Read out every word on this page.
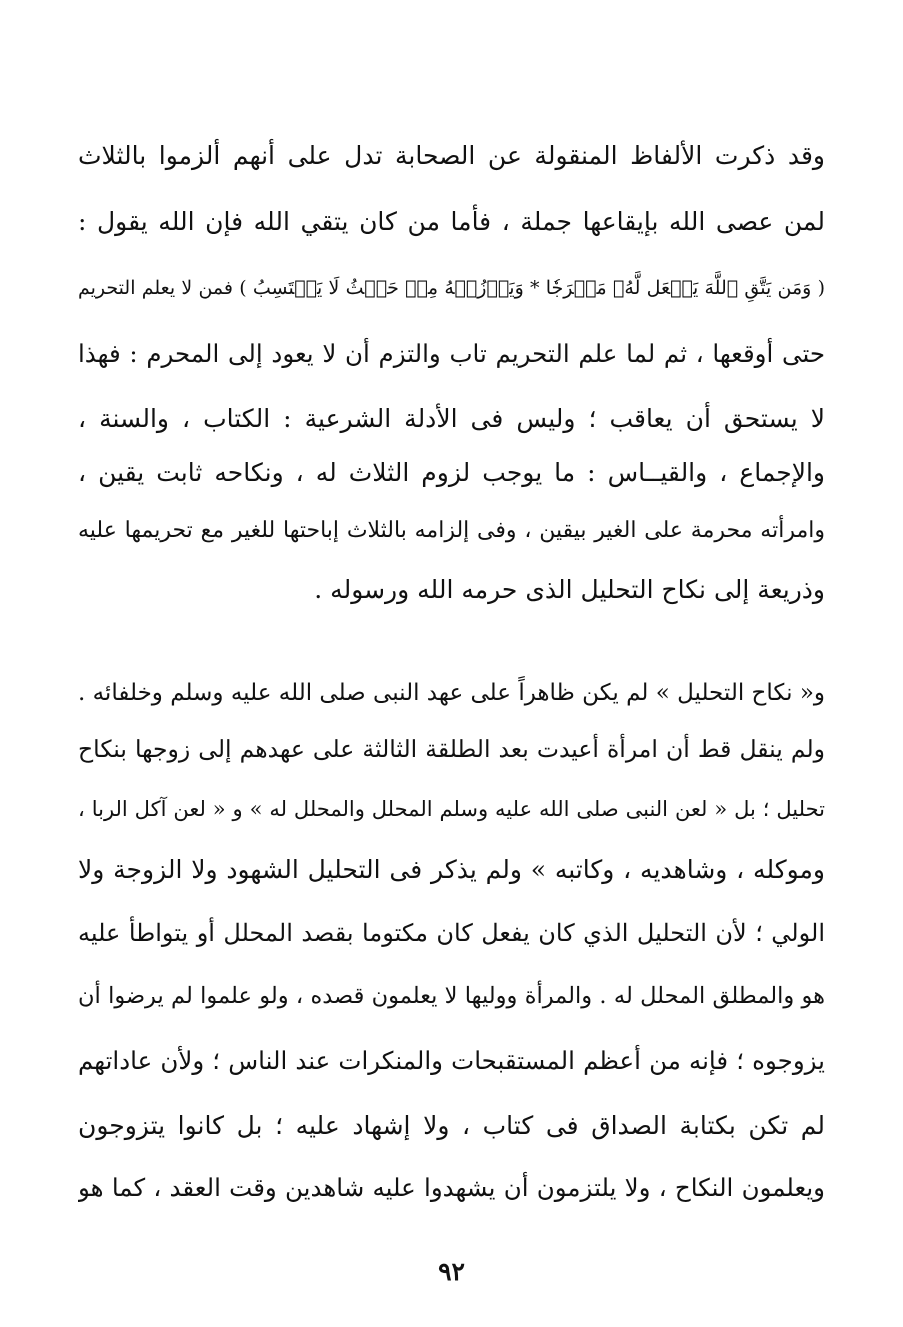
وقد ذكرت الألفاظ المنقولة عن الصحابة تدل على أنهم ألزموا بالثلاث
لمن عصى الله بإيقاعها جملة ، فأما من كان يتقي الله فإن الله يقول :
( وَمَن يَتَّقِ ٱللَّهَ يَجۡعَل لَّهُۥ مَخۡرَجٗا * وَيَرۡزُقۡهُ مِنۡ حَيۡثُ لَا يَحۡتَسِبُ ) فمن لا يعلم التحريم
حتى أوقعها ، ثم لما علم التحريم تاب والتزم أن لا يعود إلى المحرم : فهذا
لا يستحق أن يعاقب ؛ وليس فى الأدلة الشرعية : الكتاب ، والسنة ،
والإجماع ، والقيــاس : ما يوجب لزوم الثلاث له ، ونكاحه ثابت يقين ،
وامرأته محرمة على الغير بيقين ، وفى إلزامه بالثلاث إباحتها للغير مع تحريمها عليه
وذريعة إلى نكاح التحليل الذى حرمه الله ورسوله .
و« نكاح التحليل » لم يكن ظاهراً على عهد النبى صلى الله عليه وسلم وخلفائه .
ولم ينقل قط أن امرأة أعيدت بعد الطلقة الثالثة على عهدهم إلى زوجها بنكاح
تحليل ؛ بل « لعن النبى صلى الله عليه وسلم المحلل والمحلل له » و « لعن آكل الربا ،
وموكله ، وشاهديه ، وكاتبه » ولم يذكر فى التحليل الشهود ولا الزوجة ولا
الولي ؛ لأن التحليل الذي كان يفعل كان مكتوما بقصد المحلل أو يتواطأ عليه
هو والمطلق المحلل له . والمرأة ووليها لا يعلمون قصده ، ولو علموا لم يرضوا أن
يزوجوه ؛ فإنه من أعظم المستقبحات والمنكرات عند الناس ؛ ولأن عاداتهم
لم تكن بكتابة الصداق فى كتاب ، ولا إشهاد عليه ؛ بل كانوا يتزوجون
ويعلمون النكاح ، ولا يلتزمون أن يشهدوا عليه شاهدين وقت العقد ، كما هو
٩٢
